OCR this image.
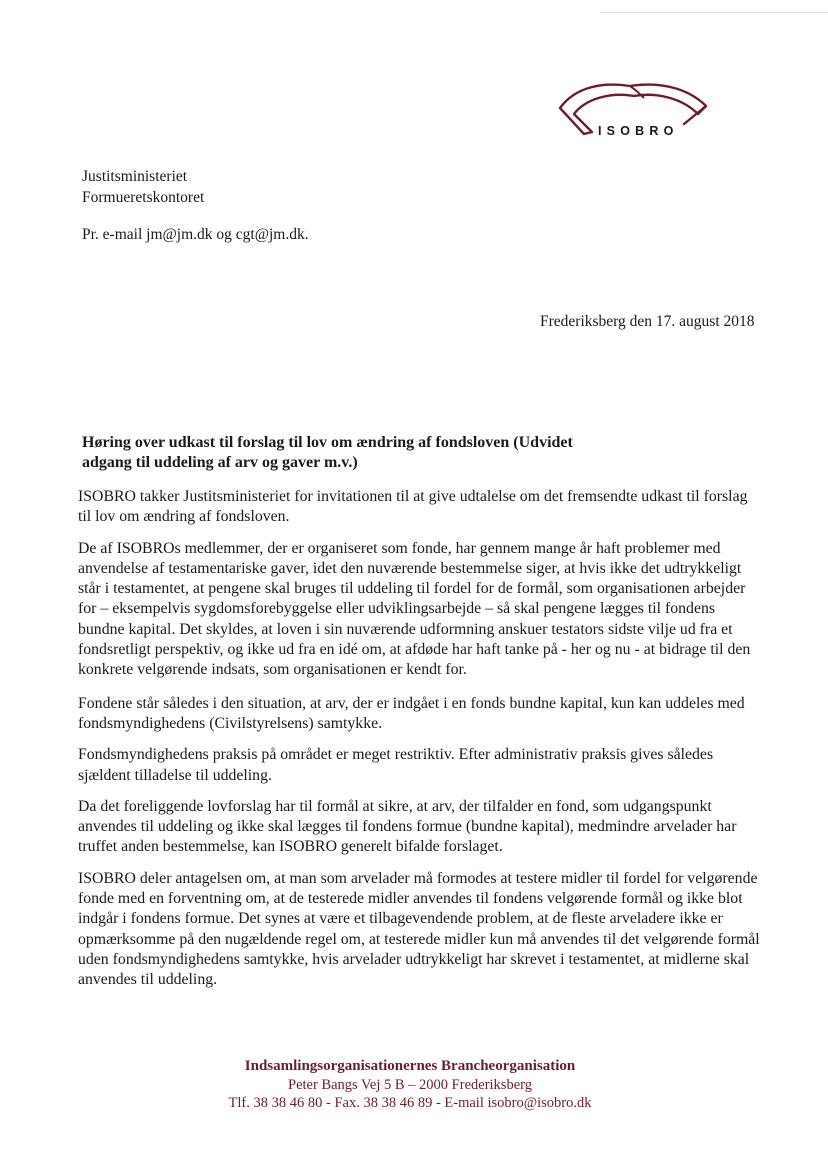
ISOBRO
Justitsministeriet
Formueretskontoret
Pr. e-mail jm@jm.dk og cgt@jm.dk.
Frederiksberg den 17. august 2018
Høring over udkast til forslag til lov om ændring af fondsloven (Udvidet
adgang til uddeling af arv og gaver m.v.)

ISOBRO takker Justitsministeriet for invitationen til at give udtalelse om det fremsendte udkast til forslag til lov om ændring af fondsloven.

De af ISOBROs medlemmer, der er organiseret som fonde, har gennem mange år haft problemer med anvendelse af testamentariske gaver, idet den nuværende bestemmelse siger, at hvis ikke det udtrykkeligt står i testamentet, at pengene skal bruges til uddeling til fordel for de formål, som organisationen arbejder for – eksempelvis sygdomsforebyggelse eller udviklingsarbejde – så skal pengene lægges til fondens bundne kapital. Det skyldes, at loven i sin nuværende udformning anskuer testators sidste vilje ud fra et fondsretligt perspektiv, og ikke ud fra en idé om, at afdøde har haft tanke på - her og nu - at bidrage til den konkrete velgørende indsats, som organisationen er kendt for.

Fondene står således i den situation, at arv, der er indgået i en fonds bundne kapital, kun kan uddeles med fondsmyndighedens (Civilstyrelsens) samtykke.

Fondsmyndighedens praksis på området er meget restriktiv. Efter administrativ praksis gives således sjældent tilladelse til uddeling.

Da det foreliggende lovforslag har til formål at sikre, at arv, der tilfalder en fond, som udgangspunkt anvendes til uddeling og ikke skal lægges til fondens formue (bundne kapital), medmindre arvelader har truffet anden bestemmelse, kan ISOBRO generelt bifalde forslaget.

ISOBRO deler antagelsen om, at man som arvelader må formodes at testere midler til fordel for velgørende fonde med en forventning om, at de testerede midler anvendes til fondens velgørende formål og ikke blot indgår i fondens formue. Det synes at være et tilbagevendende problem, at de fleste arveladere ikke er opmærksomme på den nugældende regel om, at testerede midler kun må anvendes til det velgørende formål uden fondsmyndighedens samtykke, hvis arvelader udtrykkeligt har skrevet i testamentet, at midlerne skal anvendes til uddeling.

Indsamlingsorganisationernes Brancheorganisation
Peter Bangs Vej 5 B – 2000 Frederiksberg
Tlf. 38 38 46 80 - Fax. 38 38 46 89 - E-mail isobro@isobro.dk
